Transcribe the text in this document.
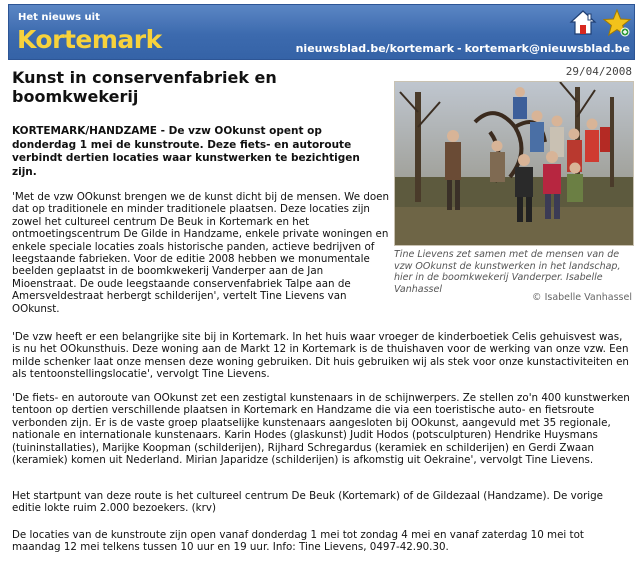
Het nieuws uit
Kortemark	nieuwsblad.be/kortemark - kortemark@nieuwsblad.be
Kunst in conservenfabriek en boomkwekerij
29/04/2008
Tine Lievens zet samen met de mensen van de vzw OOkunst de kunstwerken in het landschap, hier in de boomkwekerij Vanderper. Isabelle Vanhassel
© Isabelle Vanhassel

KORTEMARK/HANDZAME - De vzw OOkunst opent op donderdag 1 mei de kunstroute. Deze fiets- en autoroute verbindt dertien locaties waar kunstwerken te bezichtigen zijn.

'Met de vzw OOkunst brengen we de kunst dicht bij de mensen. We doen dat op traditionele en minder traditionele plaatsen. Deze locaties zijn zowel het cultureel centrum De Beuk in Kortemark en het ontmoetingscentrum De Gilde in Handzame, enkele private woningen en enkele speciale locaties zoals historische panden, actieve bedrijven of leegstaande fabrieken. Voor de editie 2008 hebben we monumentale beelden geplaatst in de boomkwekerij Vanderper aan de Jan Mioenstraat. De oude leegstaande conservenfabriek Talpe aan de Amersveldestraat herbergt schilderijen', vertelt Tine Lievens van OOkunst.

'De vzw heeft er een belangrijke site bij in Kortemark. In het huis waar vroeger de kinderboetiek Celis gehuisvest was, is nu het OOkunsthuis. Deze woning aan de Markt 12 in Kortemark is de thuishaven voor de werking van onze vzw. Een milde schenker laat onze mensen deze woning gebruiken. Dit huis gebruiken wij als stek voor onze kunstactiviteiten en als tentoonstellingslocatie', vervolgt Tine Lievens.

'De fiets- en autoroute van OOkunst zet een zestigtal kunstenaars in de schijnwerpers. Ze stellen zo'n 400 kunstwerken tentoon op dertien verschillende plaatsen in Kortemark en Handzame die via een toeristische auto- en fietsroute verbonden zijn. Er is de vaste groep plaatselijke kunstenaars aangesloten bij OOkunst, aangevuld met 35 regionale, nationale en internationale kunstenaars. Karin Hodes (glaskunst) Judit Hodos (potsculpturen) Hendrike Huysmans (tuininstallaties), Marijke Koopman (schilderijen), Rijhard Schregardus (keramiek en schilderijen) en Gerdi Zwaan (keramiek) komen uit Nederland. Mirian Japaridze (schilderijen) is afkomstig uit Oekraine', vervolgt Tine Lievens.

Het startpunt van deze route is het cultureel centrum De Beuk (Kortemark) of de Gildezaal (Handzame). De vorige editie lokte ruim 2.000 bezoekers. (krv)

De locaties van de kunstroute zijn open vanaf donderdag 1 mei tot zondag 4 mei en vanaf zaterdag 10 mei tot maandag 12 mei telkens tussen 10 uur en 19 uur. Info: Tine Lievens, 0497-42.90.30.
